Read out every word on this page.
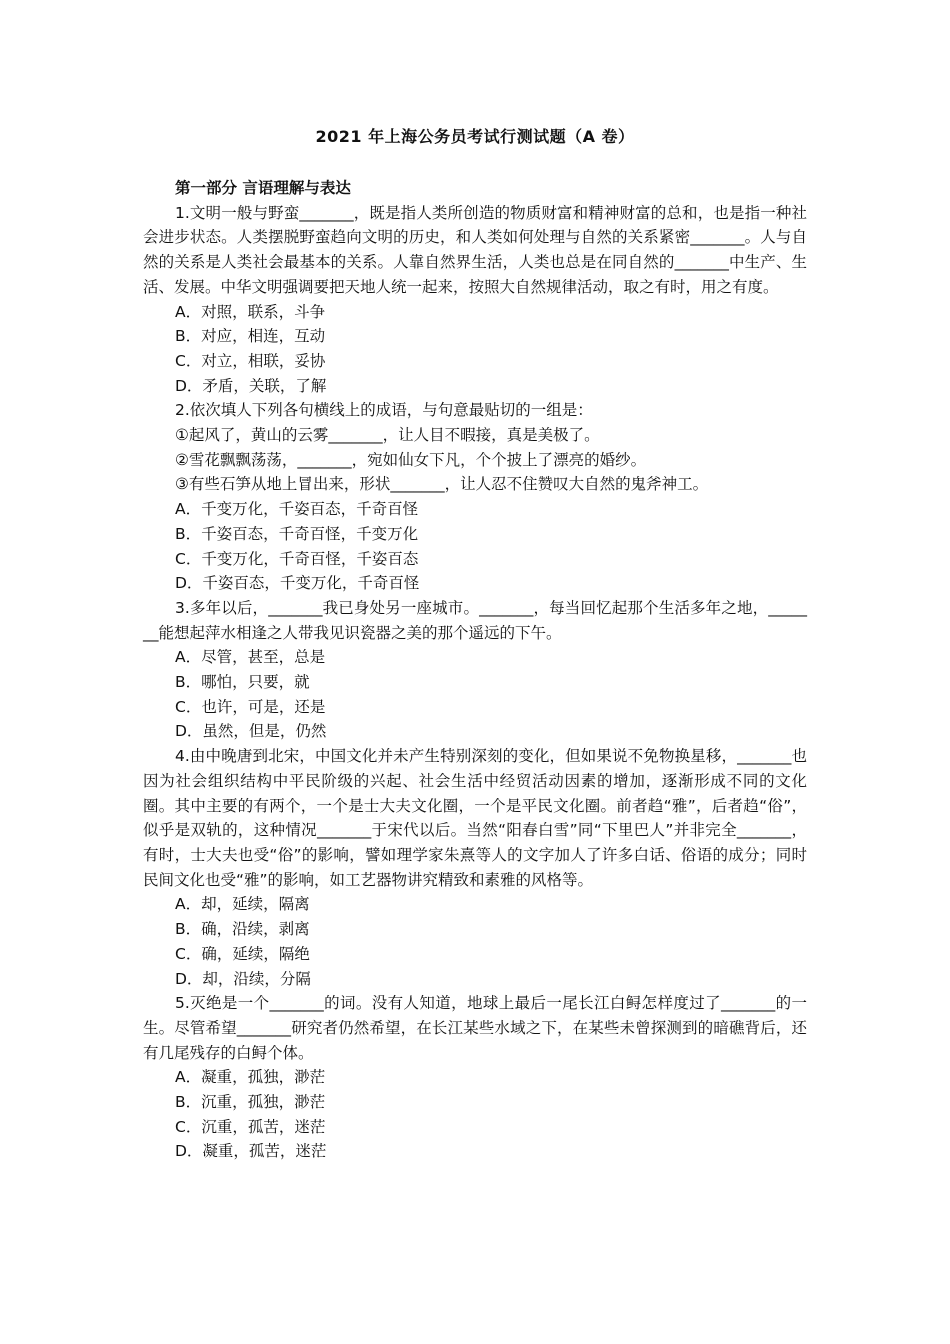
2021 年上海公务员考试行测试题（A 卷）

第一部分 言语理解与表达

1.文明一般与野蛮_______，既是指人类所创造的物质财富和精神财富的总和，也是指一种社会进步状态。人类摆脱野蛮趋向文明的历史，和人类如何处理与自然的关系紧密_______。人与自然的关系是人类社会最基本的关系。人靠自然界生活，人类也总是在同自然的_______中生产、生活、发展。中华文明强调要把天地人统一起来，按照大自然规律活动，取之有时，用之有度。

A．对照，联系，斗争

B．对应，相连，互动

C．对立，相联，妥协

D．矛盾，关联，了解

2.依次填人下列各句横线上的成语，与句意最贴切的一组是：

①起风了，黄山的云雾_______，让人目不暇接，真是美极了。

②雪花飘飘荡荡，_______，宛如仙女下凡，个个披上了漂亮的婚纱。

③有些石笋从地上冒出来，形状_______，让人忍不住赞叹大自然的鬼斧神工。

A．千变万化，千姿百态，千奇百怪

B．千姿百态，千奇百怪，千变万化

C．千变万化，千奇百怪，千姿百态

D．千姿百态，千变万化，千奇百怪

3.多年以后，_______我已身处另一座城市。_______，每当回忆起那个生活多年之地，_______能想起萍水相逢之人带我见识瓷器之美的那个遥远的下午。

A．尽管，甚至，总是

B．哪怕，只要，就

C．也许，可是，还是

D．虽然，但是，仍然

4.由中晚唐到北宋，中国文化并未产生特别深刻的变化，但如果说不免物换星移，_______也因为社会组织结构中平民阶级的兴起、社会生活中经贸活动因素的增加，逐渐形成不同的文化圈。其中主要的有两个，一个是士大夫文化圈，一个是平民文化圈。前者趋“雅”，后者趋“俗”，似乎是双轨的，这种情况_______于宋代以后。当然“阳春白雪”同“下里巴人”并非完全_______，有时，士大夫也受“俗”的影响，譬如理学家朱熹等人的文字加人了许多白话、俗语的成分；同时民间文化也受“雅”的影响，如工艺器物讲究精致和素雅的风格等。

A．却，延续，隔离

B．确，沿续，剥离

C．确，延续，隔绝

D．却，沿续，分隔

5.灭绝是一个_______的词。没有人知道，地球上最后一尾长江白鲟怎样度过了_______的一生。尽管希望_______研究者仍然希望，在长江某些水域之下，在某些未曾探测到的暗礁背后，还有几尾残存的白鲟个体。

A．凝重，孤独，渺茫

B．沉重，孤独，渺茫

C．沉重，孤苦，迷茫

D．凝重，孤苦，迷茫
